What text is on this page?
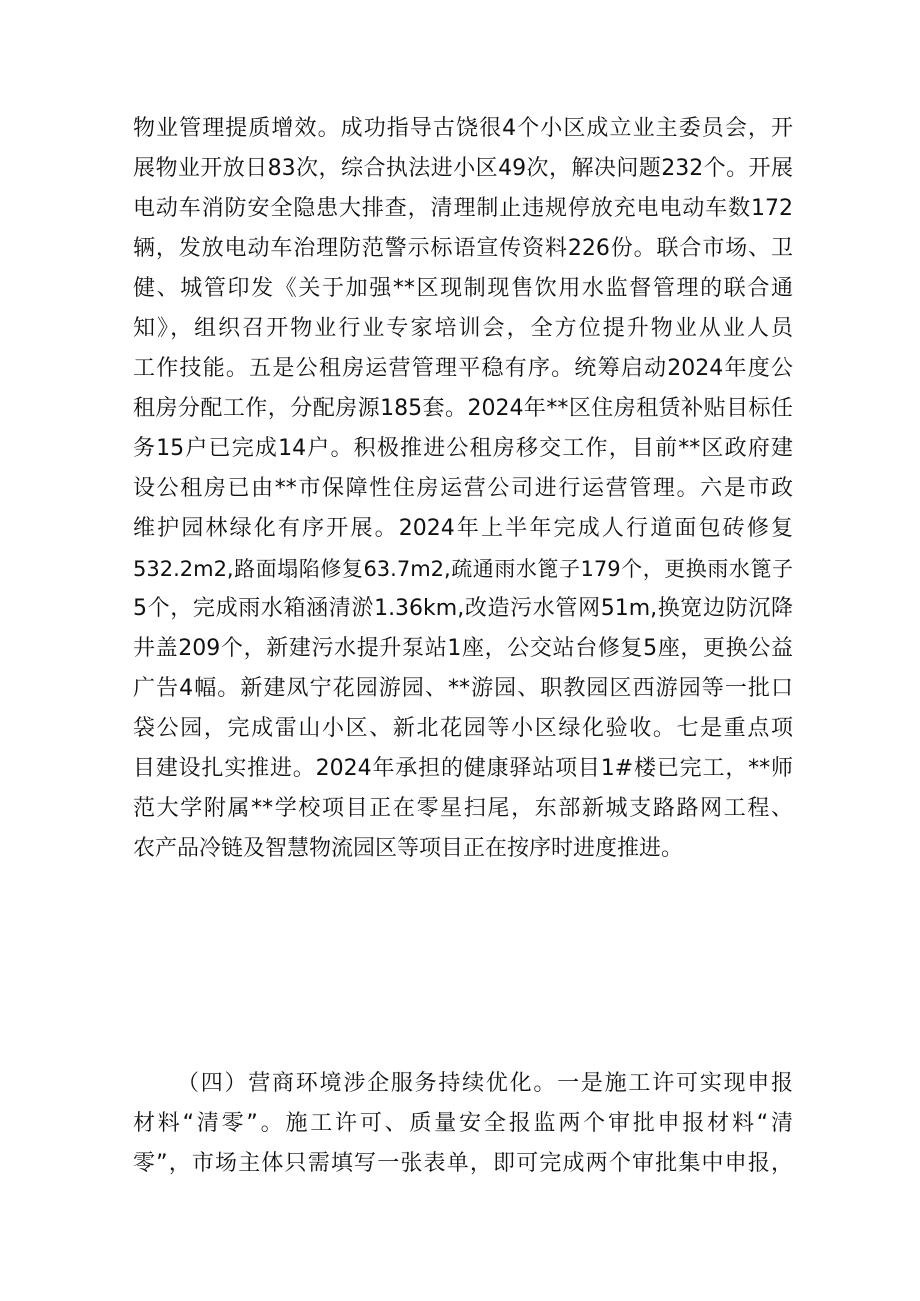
物业管理提质增效。成功指导古饶很4个小区成立业主委员会，开
展物业开放日83次，综合执法进小区49次，解决问题232个。开展
电动车消防安全隐患大排查，清理制止违规停放充电电动车数172
辆，发放电动车治理防范警示标语宣传资料226份。联合市场、卫
健、城管印发《关于加强**区现制现售饮用水监督管理的联合通
知》，组织召开物业行业专家培训会，全方位提升物业从业人员
工作技能。五是公租房运营管理平稳有序。统筹启动2024年度公
租房分配工作，分配房源185套。2024年**区住房租赁补贴目标任
务15户已完成14户。积极推进公租房移交工作，目前**区政府建
设公租房已由**市保障性住房运营公司进行运营管理。六是市政
维护园林绿化有序开展。2024年上半年完成人行道面包砖修复
532.2m2,路面塌陷修复63.7m2,疏通雨水篦子179个，更换雨水篦子
5个，完成雨水箱涵清淤1.36km,改造污水管网51m,换宽边防沉降
井盖209个，新建污水提升泵站1座，公交站台修复5座，更换公益
广告4幅。新建凤宁花园游园、**游园、职教园区西游园等一批口
袋公园，完成雷山小区、新北花园等小区绿化验收。七是重点项
目建设扎实推进。2024年承担的健康驿站项目1#楼已完工，**师
范大学附属**学校项目正在零星扫尾，东部新城支路路网工程、
农产品冷链及智慧物流园区等项目正在按序时进度推进。
（四）营商环境涉企服务持续优化。一是施工许可实现申报
材料“清零”。施工许可、质量安全报监两个审批申报材料“清
零”，市场主体只需填写一张表单，即可完成两个审批集中申报，
